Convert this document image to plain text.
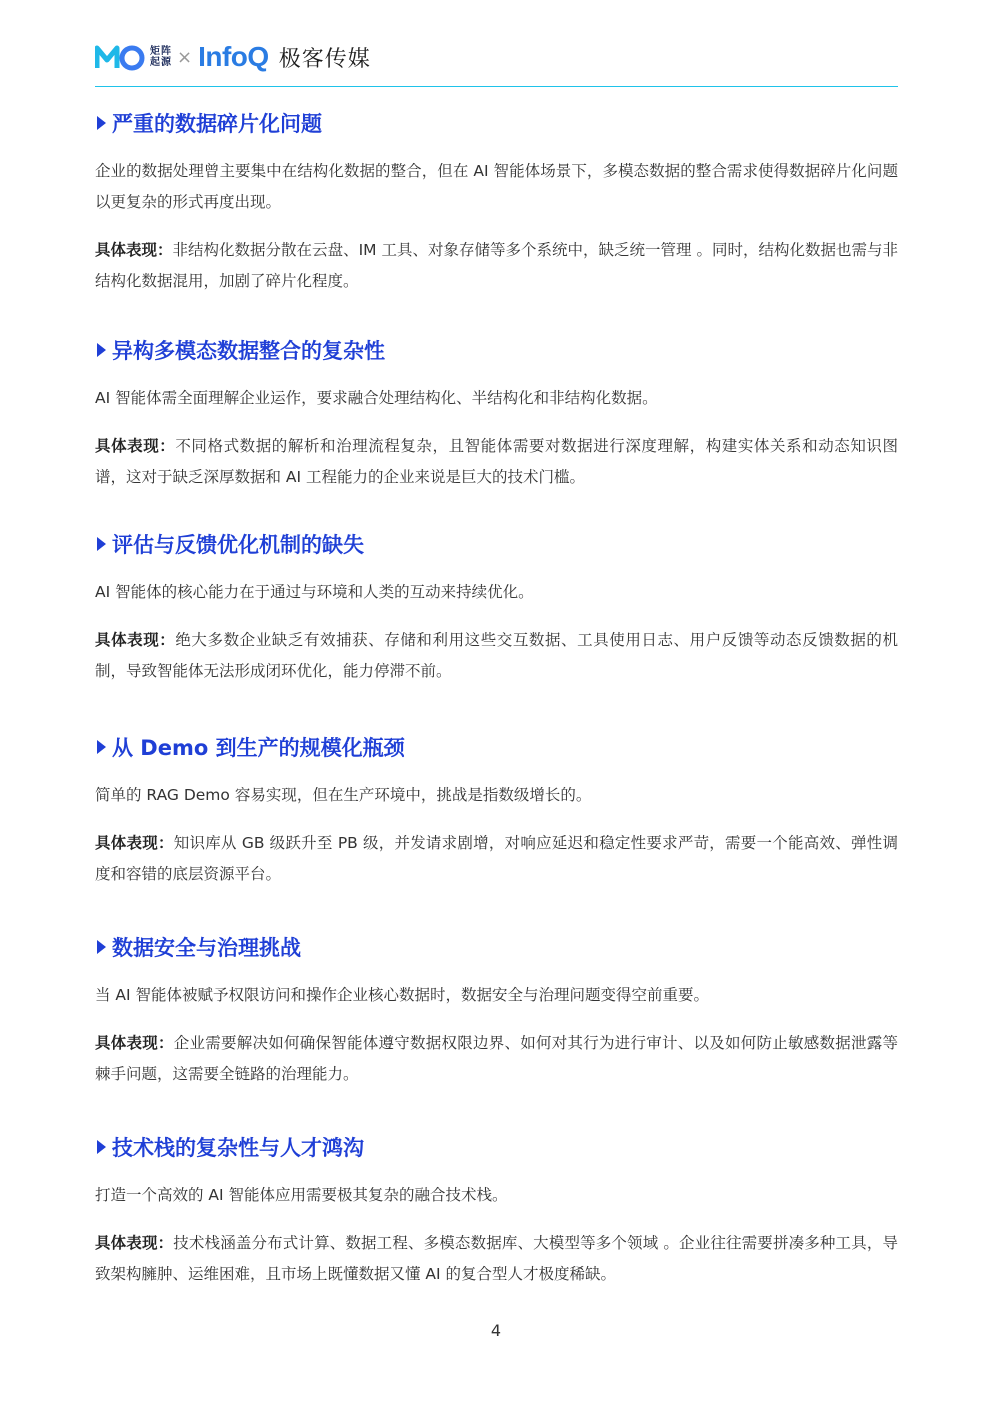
矩阵
起源 × InfoQ 极客传媒
严重的数据碎片化问题

企业的数据处理曾主要集中在结构化数据的整合，但在 AI 智能体场景下，多模态数据的整合需求使得数据碎片化问题以更复杂的形式再度出现。

具体表现：非结构化数据分散在云盘、IM 工具、对象存储等多个系统中，缺乏统一管理 。同时，结构化数据也需与非结构化数据混用，加剧了碎片化程度。

异构多模态数据整合的复杂性

AI 智能体需全面理解企业运作，要求融合处理结构化、半结构化和非结构化数据。

具体表现：不同格式数据的解析和治理流程复杂，且智能体需要对数据进行深度理解，构建实体关系和动态知识图谱，这对于缺乏深厚数据和 AI 工程能力的企业来说是巨大的技术门槛。

评估与反馈优化机制的缺失

AI 智能体的核心能力在于通过与环境和人类的互动来持续优化。

具体表现：绝大多数企业缺乏有效捕获、存储和利用这些交互数据、工具使用日志、用户反馈等动态反馈数据的机制，导致智能体无法形成闭环优化，能力停滞不前。

从 Demo 到生产的规模化瓶颈

简单的 RAG Demo 容易实现，但在生产环境中，挑战是指数级增长的。

具体表现：知识库从 GB 级跃升至 PB 级，并发请求剧增，对响应延迟和稳定性要求严苛，需要一个能高效、弹性调度和容错的底层资源平台。

数据安全与治理挑战

当 AI 智能体被赋予权限访问和操作企业核心数据时，数据安全与治理问题变得空前重要。

具体表现：企业需要解决如何确保智能体遵守数据权限边界、如何对其行为进行审计、以及如何防止敏感数据泄露等棘手问题，这需要全链路的治理能力。

技术栈的复杂性与人才鸿沟

打造一个高效的 AI 智能体应用需要极其复杂的融合技术栈。

具体表现：技术栈涵盖分布式计算、数据工程、多模态数据库、大模型等多个领域 。企业往往需要拼凑多种工具，导致架构臃肿、运维困难，且市场上既懂数据又懂 AI 的复合型人才极度稀缺。

4
